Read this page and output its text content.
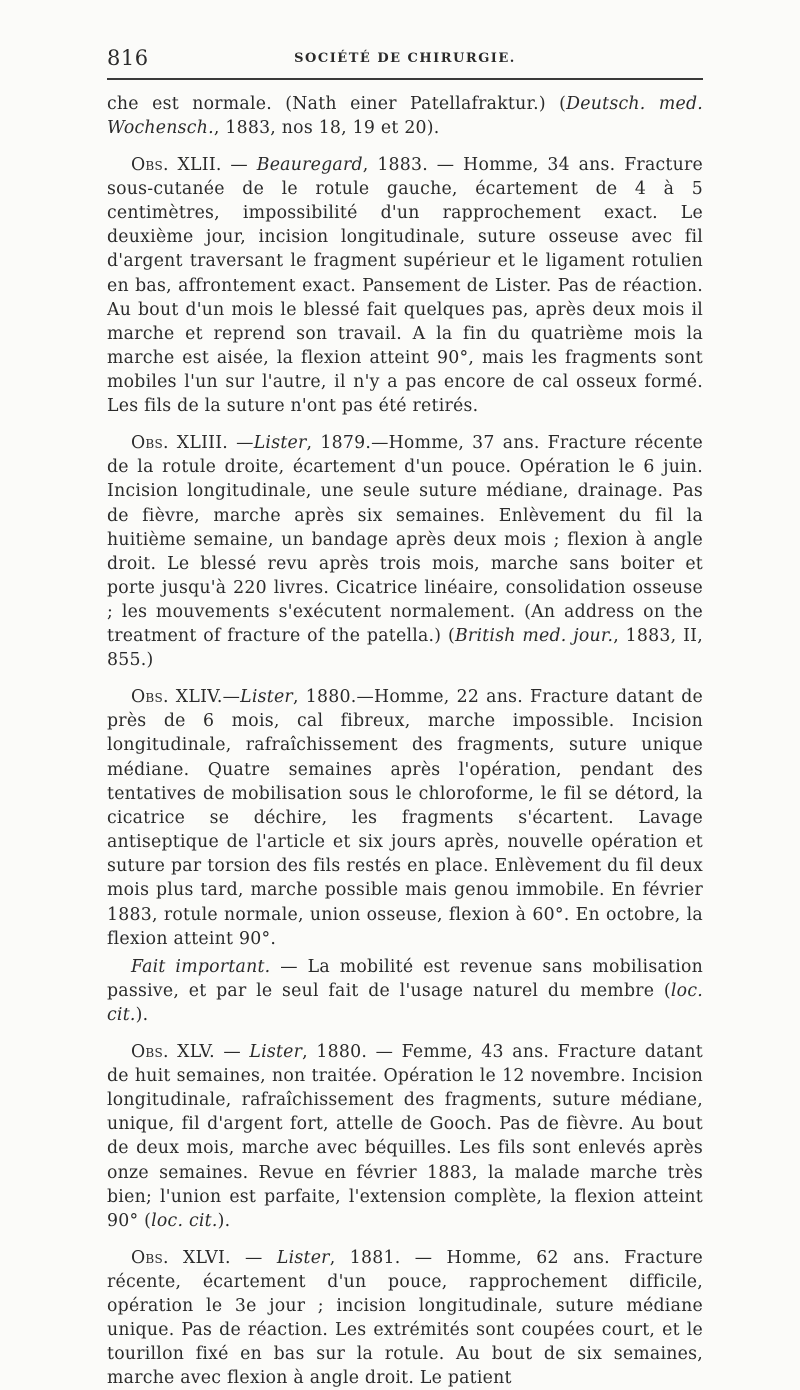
816	SOCIÉTÉ DE CHIRURGIE.

che est normale. (Nath einer Patellafraktur.) (Deutsch. med. Wochensch., 1883, nos 18, 19 et 20).

Obs. XLII. — Beauregard, 1883. — Homme, 34 ans. Fracture sous-cutanée de le rotule gauche, écartement de 4 à 5 centimètres, impossibilité d'un rapprochement exact. Le deuxième jour, incision longitudinale, suture osseuse avec fil d'argent traversant le fragment supérieur et le ligament rotulien en bas, affrontement exact. Pansement de Lister. Pas de réaction. Au bout d'un mois le blessé fait quelques pas, après deux mois il marche et reprend son travail. A la fin du quatrième mois la marche est aisée, la flexion atteint 90°, mais les fragments sont mobiles l'un sur l'autre, il n'y a pas encore de cal osseux formé. Les fils de la suture n'ont pas été retirés.

Obs. XLIII. —Lister, 1879.—Homme, 37 ans. Fracture récente de la rotule droite, écartement d'un pouce. Opération le 6 juin. Incision longitudinale, une seule suture médiane, drainage. Pas de fièvre, marche après six semaines. Enlèvement du fil la huitième semaine, un bandage après deux mois ; flexion à angle droit. Le blessé revu après trois mois, marche sans boiter et porte jusqu'à 220 livres. Cicatrice linéaire, consolidation osseuse ; les mouvements s'exécutent normalement. (An address on the treatment of fracture of the patella.) (British med. jour., 1883, II, 855.)

Obs. XLIV.—Lister, 1880.—Homme, 22 ans. Fracture datant de près de 6 mois, cal fibreux, marche impossible. Incision longitudinale, rafraîchissement des fragments, suture unique médiane. Quatre semaines après l'opération, pendant des tentatives de mobilisation sous le chloroforme, le fil se détord, la cicatrice se déchire, les fragments s'écartent. Lavage antiseptique de l'article et six jours après, nouvelle opération et suture par torsion des fils restés en place. Enlèvement du fil deux mois plus tard, marche possible mais genou immobile. En février 1883, rotule normale, union osseuse, flexion à 60°. En octobre, la flexion atteint 90°.

Fait important. — La mobilité est revenue sans mobilisation passive, et par le seul fait de l'usage naturel du membre (loc. cit.).

Obs. XLV. — Lister, 1880. — Femme, 43 ans. Fracture datant de huit semaines, non traitée. Opération le 12 novembre. Incision longitudinale, rafraîchissement des fragments, suture médiane, unique, fil d'argent fort, attelle de Gooch. Pas de fièvre. Au bout de deux mois, marche avec béquilles. Les fils sont enlevés après onze semaines. Revue en février 1883, la malade marche très bien; l'union est parfaite, l'extension complète, la flexion atteint 90° (loc. cit.).

Obs. XLVI. — Lister, 1881. — Homme, 62 ans. Fracture récente, écartement d'un pouce, rapprochement difficile, opération le 3e jour ; incision longitudinale, suture médiane unique. Pas de réaction. Les extrémités sont coupées court, et le tourillon fixé en bas sur la rotule. Au bout de six semaines, marche avec flexion à angle droit. Le patient
